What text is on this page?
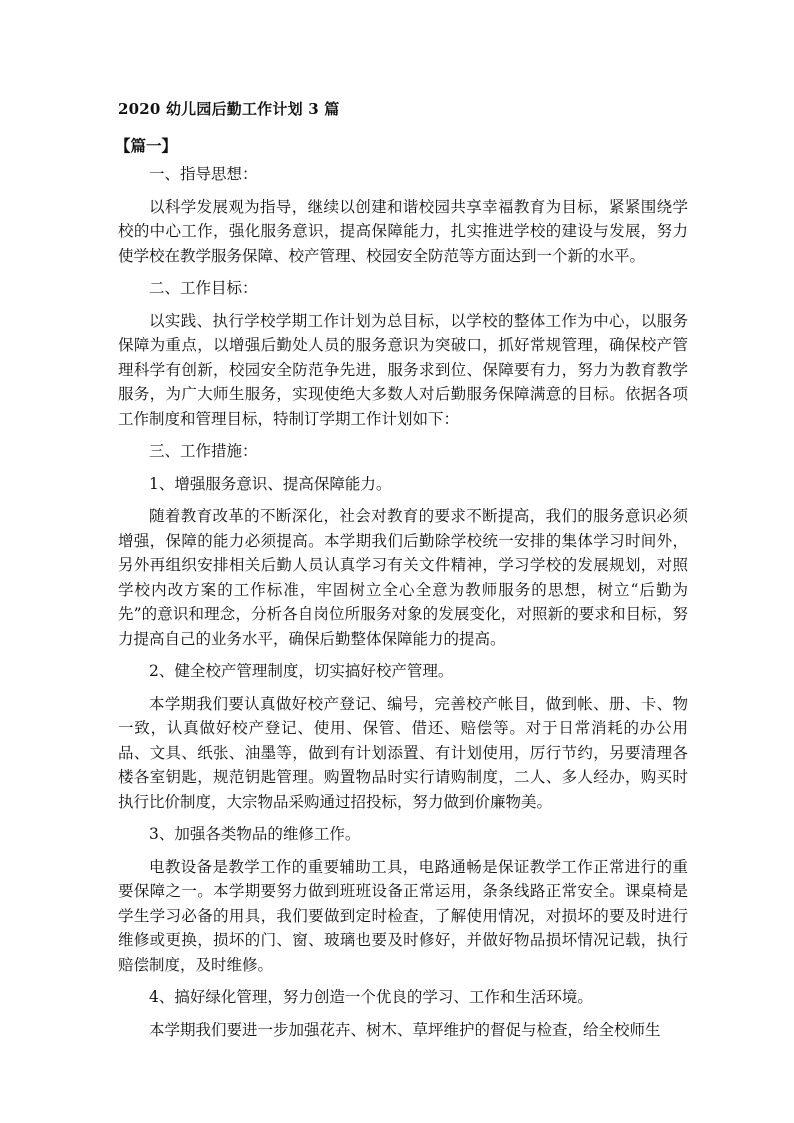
2020 幼儿园后勤工作计划 3 篇
【篇一】

一、指导思想：

以科学发展观为指导，继续以创建和谐校园共享幸福教育为目标，紧紧围绕学校的中心工作，强化服务意识，提高保障能力，扎实推进学校的建设与发展，努力使学校在教学服务保障、校产管理、校园安全防范等方面达到一个新的水平。

二、工作目标：

以实践、执行学校学期工作计划为总目标，以学校的整体工作为中心，以服务保障为重点，以增强后勤处人员的服务意识为突破口，抓好常规管理，确保校产管理科学有创新，校园安全防范争先进，服务求到位、保障要有力，努力为教育教学服务，为广大师生服务，实现使绝大多数人对后勤服务保障满意的目标。依据各项工作制度和管理目标，特制订学期工作计划如下：

三、工作措施：

1、增强服务意识、提高保障能力。

随着教育改革的不断深化，社会对教育的要求不断提高，我们的服务意识必须增强，保障的能力必须提高。本学期我们后勤除学校统一安排的集体学习时间外，另外再组织安排相关后勤人员认真学习有关文件精神，学习学校的发展规划，对照学校内改方案的工作标准，牢固树立全心全意为教师服务的思想，树立“后勤为先”的意识和理念，分析各自岗位所服务对象的发展变化，对照新的要求和目标，努力提高自己的业务水平，确保后勤整体保障能力的提高。

2、健全校产管理制度，切实搞好校产管理。

本学期我们要认真做好校产登记、编号，完善校产帐目，做到帐、册、卡、物一致，认真做好校产登记、使用、保管、借还、赔偿等。对于日常消耗的办公用品、文具、纸张、油墨等，做到有计划添置、有计划使用，厉行节约，另要清理各楼各室钥匙，规范钥匙管理。购置物品时实行请购制度，二人、多人经办，购买时执行比价制度，大宗物品采购通过招投标，努力做到价廉物美。

3、加强各类物品的维修工作。

电教设备是教学工作的重要辅助工具，电路通畅是保证教学工作正常进行的重要保障之一。本学期要努力做到班班设备正常运用，条条线路正常安全。课桌椅是学生学习必备的用具，我们要做到定时检查，了解使用情况，对损坏的要及时进行维修或更换，损坏的门、窗、玻璃也要及时修好，并做好物品损坏情况记载，执行赔偿制度，及时维修。

4、搞好绿化管理，努力创造一个优良的学习、工作和生活环境。

本学期我们要进一步加强花卉、树木、草坪维护的督促与检查，给全校师生
